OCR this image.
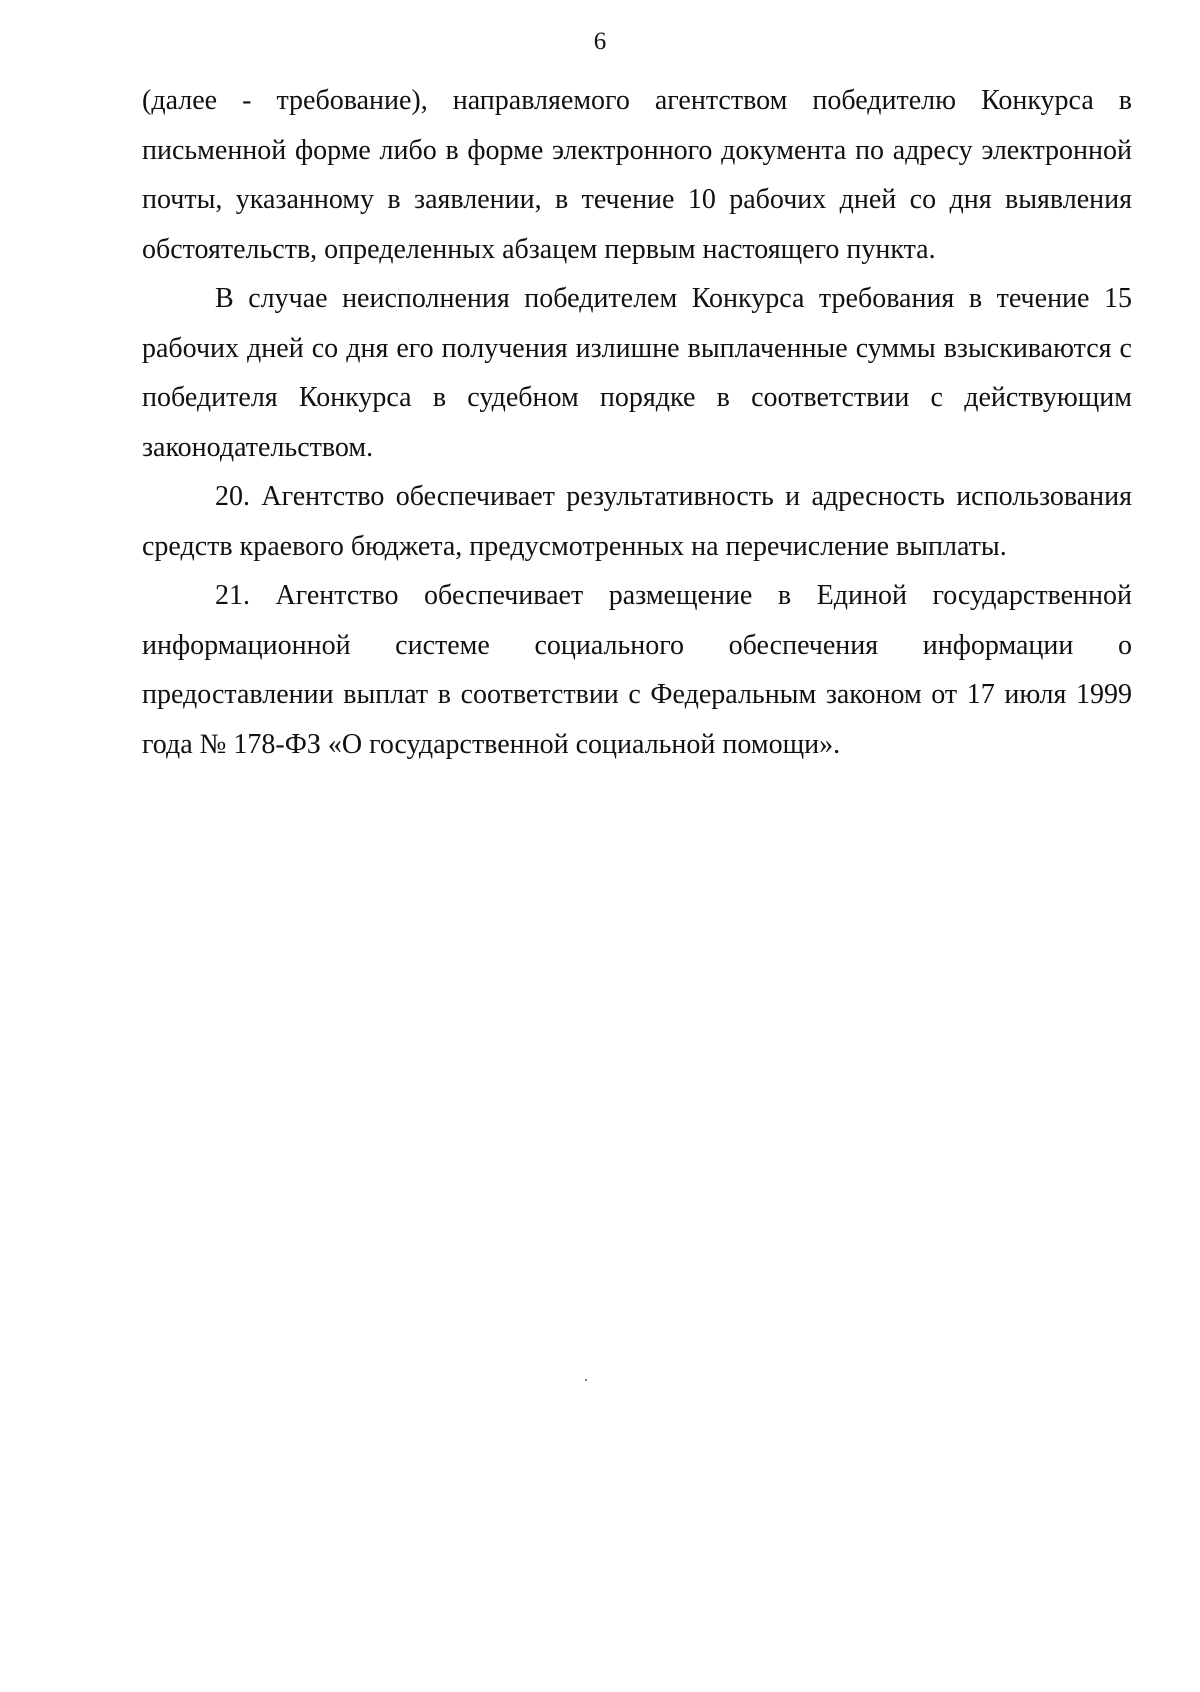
6

(далее - требование), направляемого агентством победителю Конкурса в письменной форме либо в форме электронного документа по адресу электронной почты, указанному в заявлении, в течение 10 рабочих дней со дня выявления обстоятельств, определенных абзацем первым настоящего пункта.

В случае неисполнения победителем Конкурса требования в течение 15 рабочих дней со дня его получения излишне выплаченные суммы взыскиваются с победителя Конкурса в судебном порядке в соответствии с действующим законодательством.

20. Агентство обеспечивает результативность и адресность использования средств краевого бюджета, предусмотренных на перечисление выплаты.

21. Агентство обеспечивает размещение в Единой государственной информационной системе социального обеспечения информации о предоставлении выплат в соответствии с Федеральным законом от 17 июля 1999 года № 178-ФЗ «О государственной социальной помощи».
